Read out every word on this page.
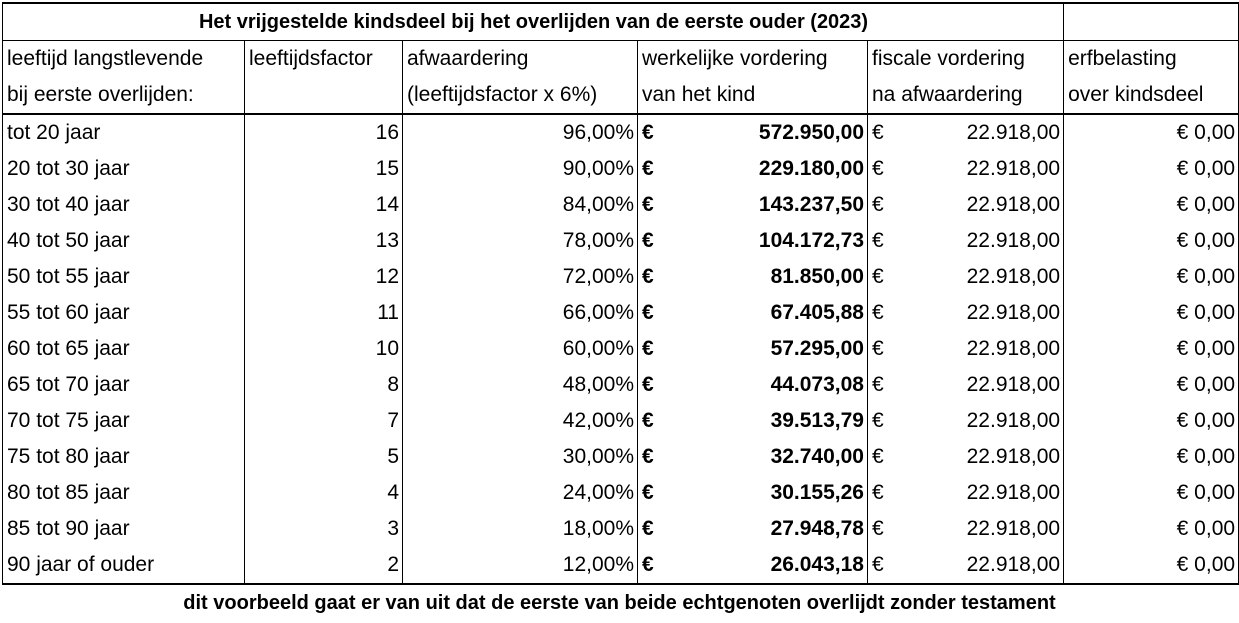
Het vrijgestelde kindsdeel bij het overlijden van de eerste ouder (2023)						
leeftijd langstlevende	leeftijdsfactor	afwaardering	werkelijke vordering		fiscale vordering	erfbelasting
bij eerste overlijden:		(leeftijdsfactor x 6%)	van het kind		na afwaardering	over kindsdeel
tot 20 jaar	16	96,00%	€	572.950,00	€ 22.918,00	€ 0,00
20 tot 30 jaar	15	90,00%	€	229.180,00	€ 22.918,00	€ 0,00
30 tot 40 jaar	14	84,00%	€	143.237,50	€ 22.918,00	€ 0,00
40 tot 50 jaar	13	78,00%	€	104.172,73	€ 22.918,00	€ 0,00
50 tot 55 jaar	12	72,00%	€	81.850,00	€ 22.918,00	€ 0,00
55 tot 60 jaar	11	66,00%	€	67.405,88	€ 22.918,00	€ 0,00
60 tot 65 jaar	10	60,00%	€	57.295,00	€ 22.918,00	€ 0,00
65 tot 70 jaar	8	48,00%	€	44.073,08	€ 22.918,00	€ 0,00
70 tot 75 jaar	7	42,00%	€	39.513,79	€ 22.918,00	€ 0,00
75 tot 80 jaar	5	30,00%	€	32.740,00	€ 22.918,00	€ 0,00
80 tot 85 jaar	4	24,00%	€	30.155,26	€ 22.918,00	€ 0,00
85 tot 90 jaar	3	18,00%	€	27.948,78	€ 22.918,00	€ 0,00
90 jaar of ouder	2	12,00%	€	26.043,18	€ 22.918,00	€ 0,00
dit voorbeeld gaat er van uit dat de eerste van beide echtgenoten overlijdt zonder testament
